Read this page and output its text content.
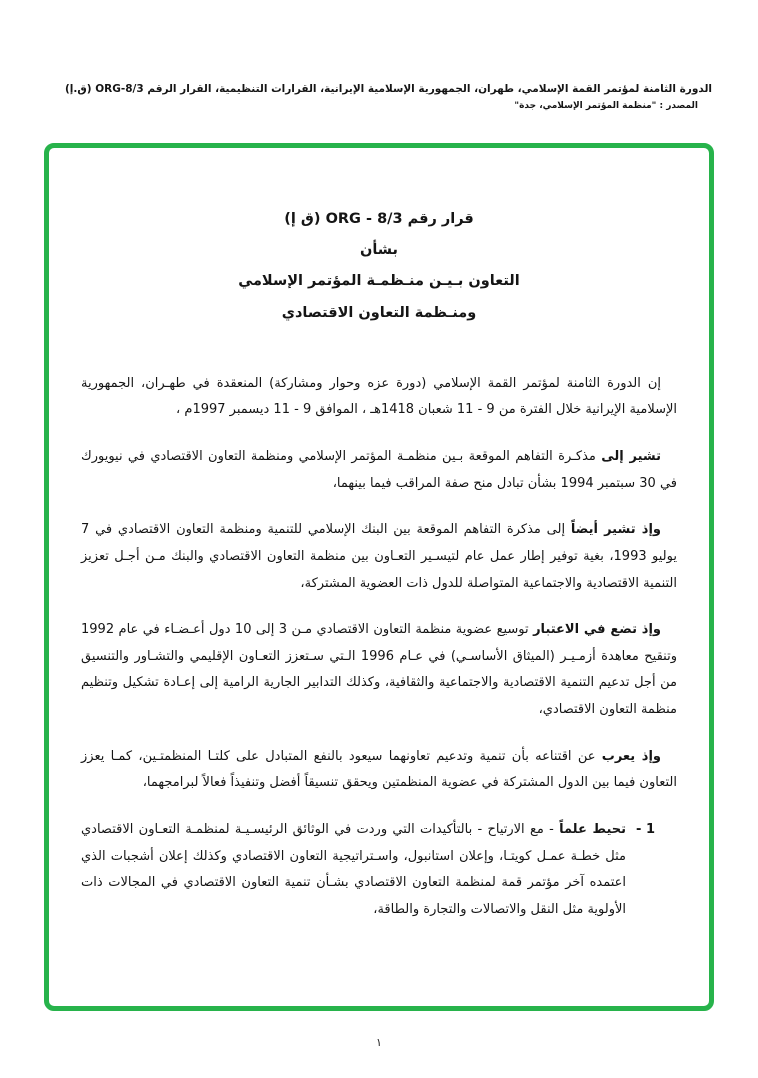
الدورة الثامنة لمؤتمر القمة الإسلامي، طهران، الجمهورية الإسلامية الإيرانية، القرارات التنظيمية، القرار الرقم 8/3-ORG (ق.إ)
المصدر : "منظمة المؤتمر الإسلامي، جدة"
قرار رقم 8/3 - ORG (ق إ)
بشأن
التعاون بـيـن منـظمـة المؤتمر الإسلامي
ومنـظمة التعاون الاقتصادي

إن الدورة الثامنة لمؤتمر القمة الإسلامي (دورة عزه وحوار ومشاركة) المنعقدة في طهـران، الجمهورية الإسلامية الإيرانية خلال الفترة من 9 - 11 شعبان 1418هـ ، الموافق 9 - 11 ديسمبر 1997م ،

تشير إلى مذكـرة التفاهم الموقعة بـين منظمـة المؤتمر الإسلامي ومنظمة التعاون الاقتصادي في نيويورك في 30 سبتمبر 1994 بشأن تبادل منح صفة المراقب فيما بينهما،

وإذ تشير أيضاً إلى مذكرة التفاهم الموقعة بين البنك الإسلامي للتنمية ومنظمة التعاون الاقتصادي في 7 يوليو 1993، بغية توفير إطار عمل عام لتيسـير التعـاون بين منظمة التعاون الاقتصادي والبنك مـن أجـل تعزيز التنمية الاقتصادية والاجتماعية المتواصلة للدول ذات العضوية المشتركة،

وإذ تضع في الاعتبار توسيع عضوية منظمة التعاون الاقتصادي مـن 3 إلى 10 دول أعـضـاء في عام 1992 وتنقيح معاهدة أزمـيـر (الميثاق الأساسـي) في عـام 1996 الـتي سـتعزز التعـاون الإقليمي والتشـاور والتنسيق من أجل تدعيم التنمية الاقتصادية والاجتماعية والثقافية، وكذلك التدابير الجارية الرامية إلى إعـادة تشكيل وتنظيم منظمة التعاون الاقتصادي،

وإذ يعرب عن اقتناعه بأن تنمية وتدعيم تعاونهما سيعود بالنفع المتبادل على كلتـا المنظمتـين، كمـا يعزز التعاون فيما بين الدول المشتركة في عضوية المنظمتين ويحقق تنسيقاً أفضل وتنفيذاً فعالاً لبرامجهما،

1 -
تحيط علماً - مع الارتياح - بالتأكيدات التي وردت في الوثائق الرئيسـيـة لمنظمـة التعـاون الاقتصادي مثل خطـة عمـل كويتـا، وإعلان استانبول، واسـتراتيجية التعاون الاقتصادي وكذلك إعلان أشجبات الذي اعتمده آخر مؤتمر قمة لمنظمة التعاون الاقتصادي بشـأن تنمية التعاون الاقتصادي في المجالات ذات الأولوية مثل النقل والاتصالات والتجارة والطاقة،
١
